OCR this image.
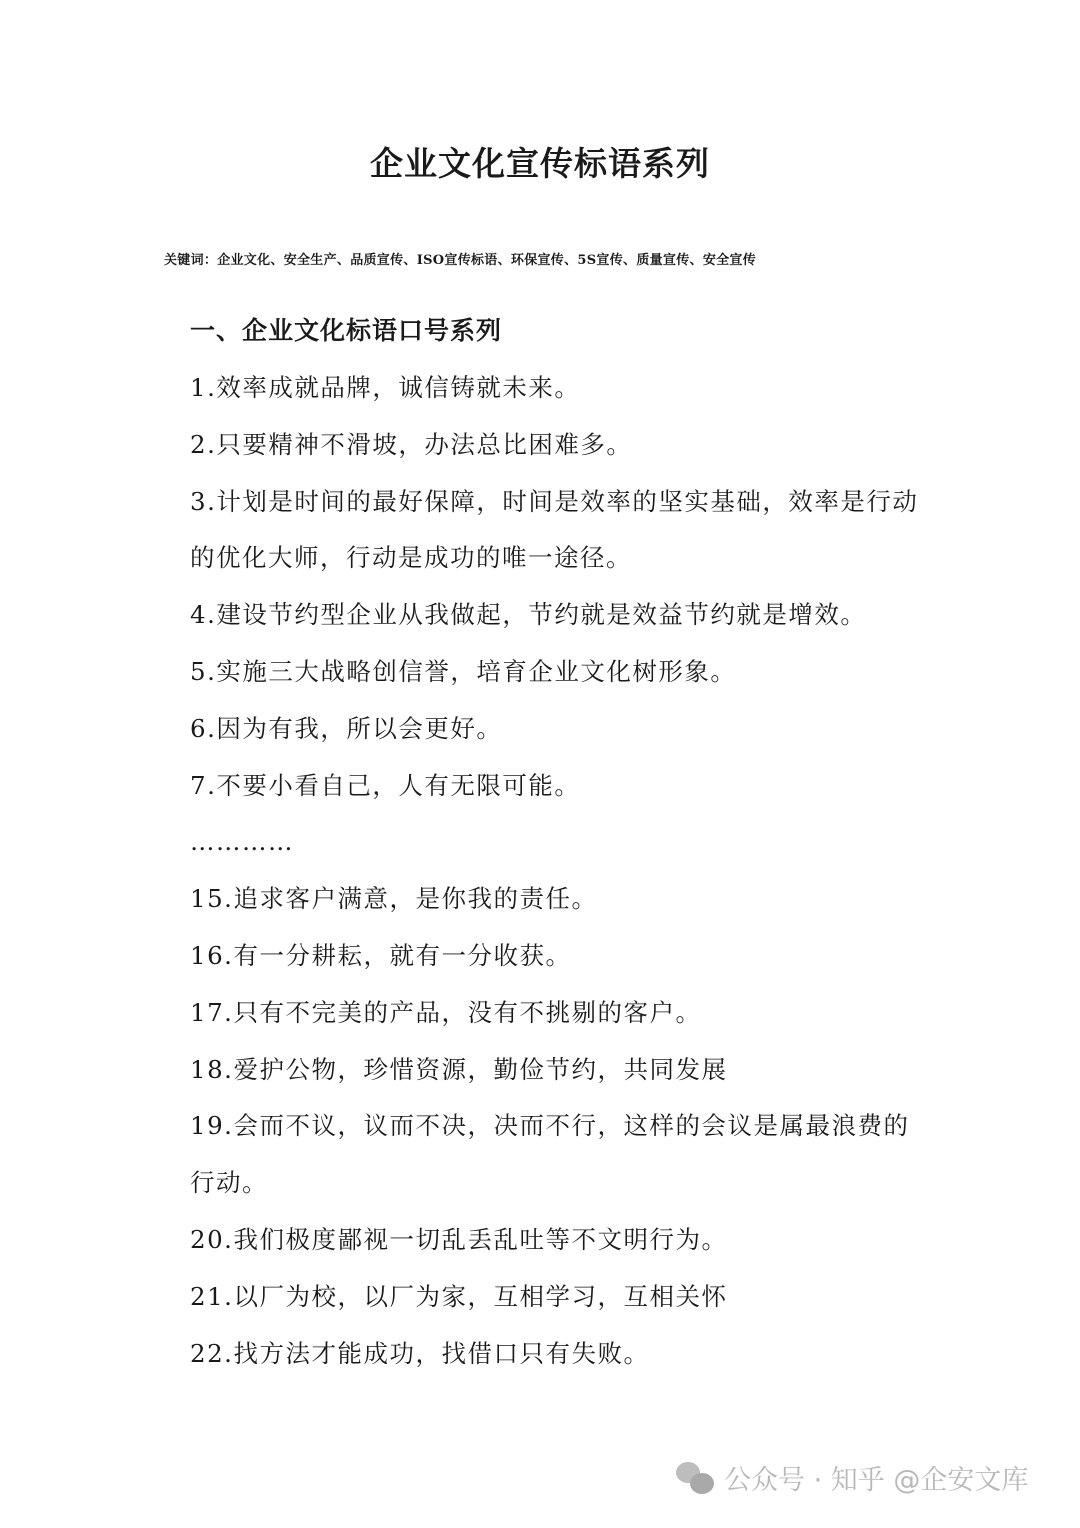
企业文化宣传标语系列
关键词：企业文化、安全生产、品质宣传、ISO宣传标语、环保宣传、5S宣传、质量宣传、安全宣传
一、企业文化标语口号系列

1.效率成就品牌，诚信铸就未来。

2.只要精神不滑坡，办法总比困难多。

3.计划是时间的最好保障，时间是效率的坚实基础，效率是行动的优化大师，行动是成功的唯一途径。

4.建设节约型企业从我做起，节约就是效益节约就是增效。

5.实施三大战略创信誉，培育企业文化树形象。

6.因为有我，所以会更好。

7.不要小看自己，人有无限可能。

…………

15.追求客户满意，是你我的责任。

16.有一分耕耘，就有一分收获。

17.只有不完美的产品，没有不挑剔的客户。

18.爱护公物，珍惜资源，勤俭节约，共同发展

19.会而不议，议而不决，决而不行，这样的会议是属最浪费的行动。

20.我们极度鄙视一切乱丢乱吐等不文明行为。

21.以厂为校，以厂为家，互相学习，互相关怀

22.找方法才能成功，找借口只有失败。

公众号 · 知乎 @企安文库
